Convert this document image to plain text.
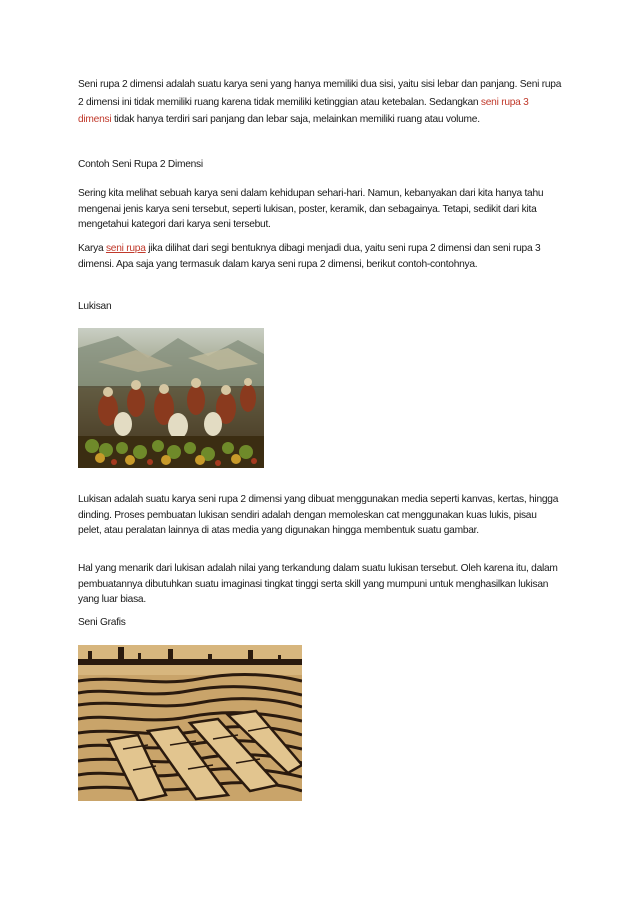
Seni rupa 2 dimensi adalah suatu karya seni yang hanya memiliki dua sisi, yaitu sisi lebar dan panjang. Seni rupa 2 dimensi ini tidak memiliki ruang karena tidak memiliki ketinggian atau ketebalan. Sedangkan seni rupa 3 dimensi tidak hanya terdiri sari panjang dan lebar saja, melainkan memiliki ruang atau volume.

Contoh Seni Rupa 2 Dimensi

Sering kita melihat sebuah karya seni dalam kehidupan sehari-hari. Namun, kebanyakan dari kita hanya tahu mengenai jenis karya seni tersebut, seperti lukisan, poster, keramik, dan sebagainya. Tetapi, sedikit dari kita mengetahui kategori dari karya seni tersebut.

Karya seni rupa jika dilihat dari segi bentuknya dibagi menjadi dua, yaitu seni rupa 2 dimensi dan seni rupa 3 dimensi. Apa saja yang termasuk dalam karya seni rupa 2 dimensi, berikut contoh-contohnya.

Lukisan

Lukisan adalah suatu karya seni rupa 2 dimensi yang dibuat menggunakan media seperti kanvas, kertas, hingga dinding. Proses pembuatan lukisan sendiri adalah dengan memoleskan cat menggunakan kuas lukis, pisau pelet, atau peralatan lainnya di atas media yang digunakan hingga membentuk suatu gambar.

Hal yang menarik dari lukisan adalah nilai yang terkandung dalam suatu lukisan tersebut. Oleh karena itu, dalam pembuatannya dibutuhkan suatu imaginasi tingkat tinggi serta skill yang mumpuni untuk menghasilkan lukisan yang luar biasa.

Seni Grafis
